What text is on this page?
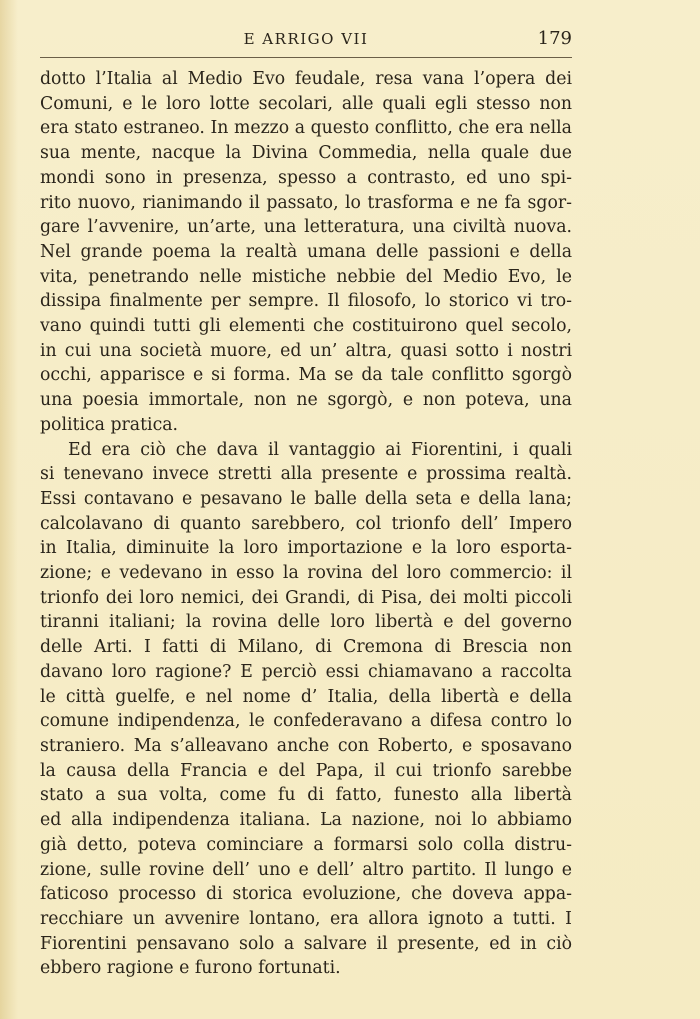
E ARRIGO VII	179
dotto l’Italia al Medio Evo feudale, resa vana l’opera dei
Comuni, e le loro lotte secolari, alle quali egli stesso non
era stato estraneo. In mezzo a questo conflitto, che era nella
sua mente, nacque la Divina Commedia, nella quale due
mondi sono in presenza, spesso a contrasto, ed uno spi-
rito nuovo, rianimando il passato, lo trasforma e ne fa sgor-
gare l’avvenire, un’arte, una letteratura, una civiltà nuova.
Nel grande poema la realtà umana delle passioni e della
vita, penetrando nelle mistiche nebbie del Medio Evo, le
dissipa finalmente per sempre. Il filosofo, lo storico vi tro-
vano quindi tutti gli elementi che costituirono quel secolo,
in cui una società muore, ed un’ altra, quasi sotto i nostri
occhi, apparisce e si forma. Ma se da tale conflitto sgorgò
una poesia immortale, non ne sgorgò, e non poteva, una
politica pratica.
Ed era ciò che dava il vantaggio ai Fiorentini, i quali
si tenevano invece stretti alla presente e prossima realtà.
Essi contavano e pesavano le balle della seta e della lana;
calcolavano di quanto sarebbero, col trionfo dell’ Impero
in Italia, diminuite la loro importazione e la loro esporta-
zione; e vedevano in esso la rovina del loro commercio: il
trionfo dei loro nemici, dei Grandi, di Pisa, dei molti piccoli
tiranni italiani; la rovina delle loro libertà e del governo
delle Arti. I fatti di Milano, di Cremona di Brescia non
davano loro ragione? E perciò essi chiamavano a raccolta
le città guelfe, e nel nome d’ Italia, della libertà e della
comune indipendenza, le confederavano a difesa contro lo
straniero. Ma s’alleavano anche con Roberto, e sposavano
la causa della Francia e del Papa, il cui trionfo sarebbe
stato a sua volta, come fu di fatto, funesto alla libertà
ed alla indipendenza italiana. La nazione, noi lo abbiamo
già detto, poteva cominciare a formarsi solo colla distru-
zione, sulle rovine dell’ uno e dell’ altro partito. Il lungo e
faticoso processo di storica evoluzione, che doveva appa-
recchiare un avvenire lontano, era allora ignoto a tutti. I
Fiorentini pensavano solo a salvare il presente, ed in ciò
ebbero ragione e furono fortunati.
